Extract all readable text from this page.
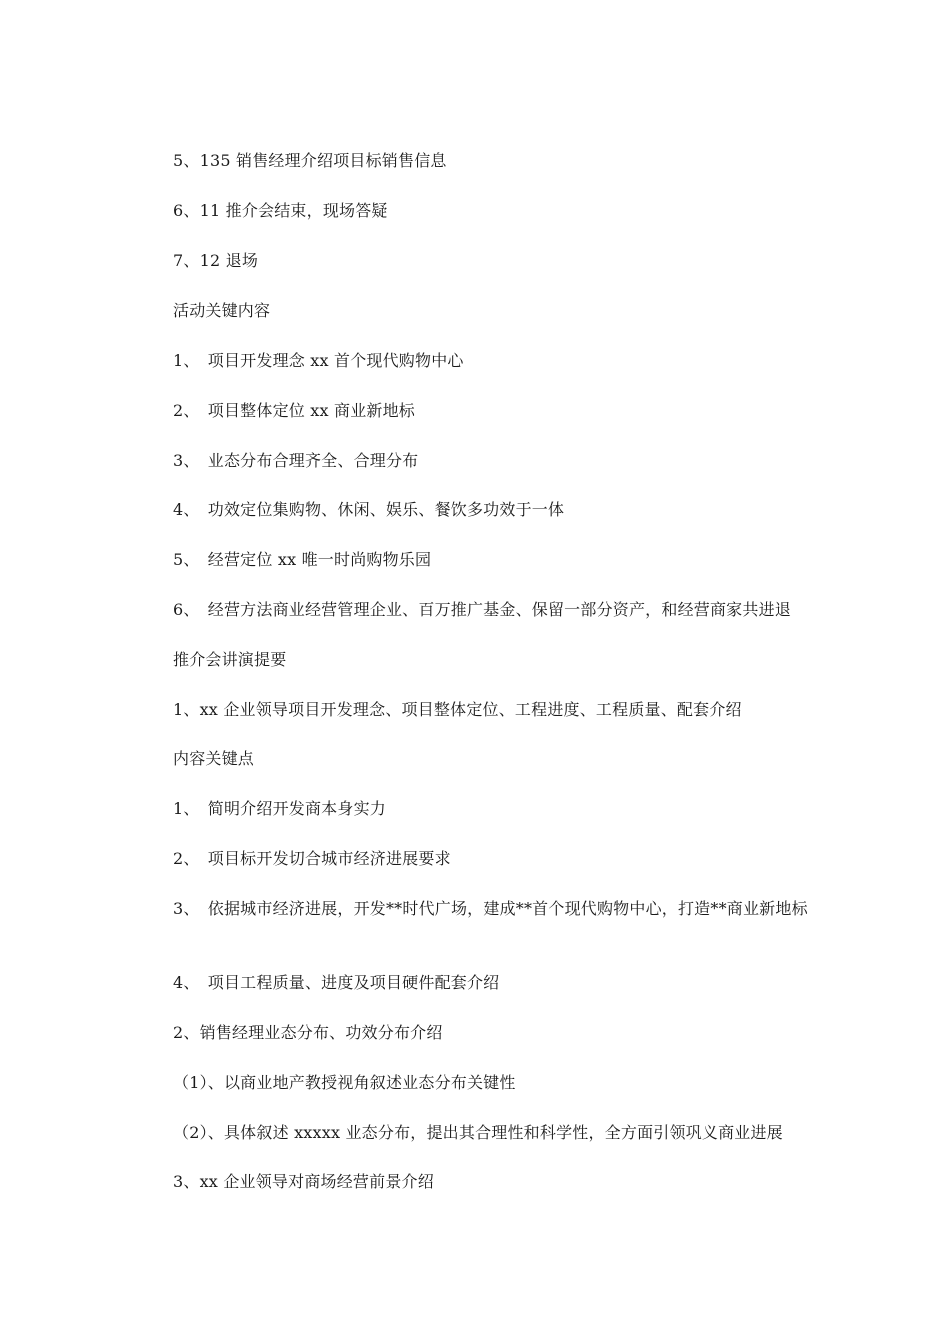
5、135 销售经理介绍项目标销售信息
6、11 推介会结束，现场答疑
7、12 退场
活动关键内容
1、　项目开发理念 xx 首个现代购物中心
2、　项目整体定位 xx 商业新地标
3、　业态分布合理齐全、合理分布
4、　功效定位集购物、休闲、娱乐、餐饮多功效于一体
5、　经营定位 xx 唯一时尚购物乐园
6、　经营方法商业经营管理企业、百万推广基金、保留一部分资产，和经营商家共进退
推介会讲演提要
1、xx 企业领导项目开发理念、项目整体定位、工程进度、工程质量、配套介绍
内容关键点
1、　简明介绍开发商本身实力
2、　项目标开发切合城市经济进展要求
3、　依据城市经济进展，开发**时代广场，建成**首个现代购物中心，打造**商业新地标
4、　项目工程质量、进度及项目硬件配套介绍
2、销售经理业态分布、功效分布介绍
（1）、以商业地产教授视角叙述业态分布关键性
（2）、具体叙述 xxxxx 业态分布，提出其合理性和科学性，全方面引领巩义商业进展
3、xx 企业领导对商场经营前景介绍
